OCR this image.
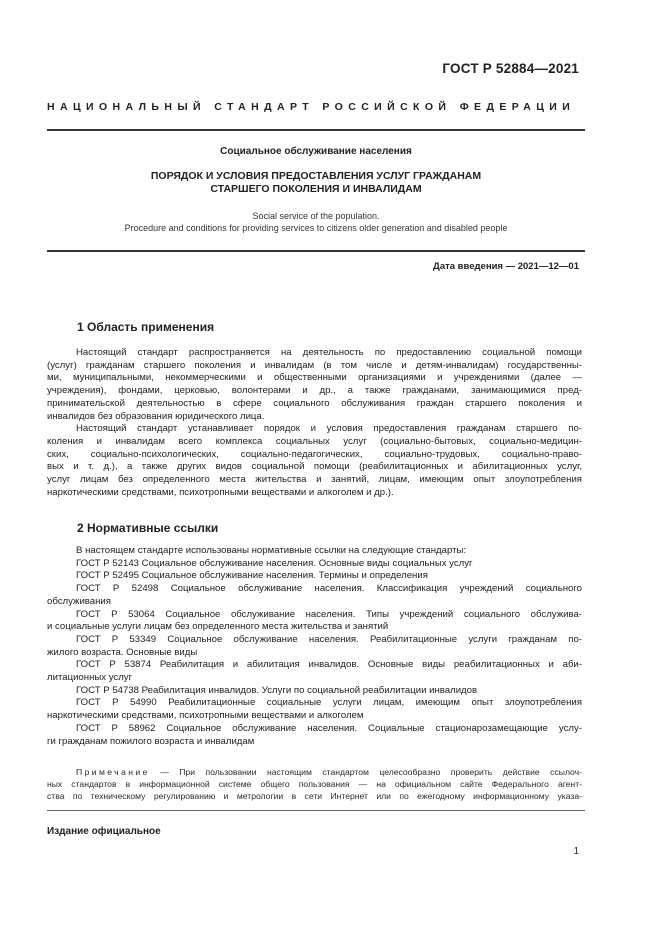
ГОСТ Р 52884—2021
НАЦИОНАЛЬНЫЙ СТАНДАРТ РОССИЙСКОЙ ФЕДЕРАЦИИ
Социальное обслуживание населения
ПОРЯДОК И УСЛОВИЯ ПРЕДОСТАВЛЕНИЯ УСЛУГ ГРАЖДАНАМ
СТАРШЕГО ПОКОЛЕНИЯ И ИНВАЛИДАМ
Social service of the population.
Procedure and conditions for providing services to citizens older generation and disabled people
Дата введения — 2021—12—01
1 Область применения
Настоящий стандарт распространяется на деятельность по предоставлению социальной помощи
(услуг) гражданам старшего поколения и инвалидам (в том числе и детям-инвалидам) государственны-
ми, муниципальными, некоммерческими и общественными организациями и учреждениями (далее —
учреждения), фондами, церковью, волонтерами и др., а также гражданами, занимающимися пред-
принимательской деятельностью в сфере социального обслуживания граждан старшего поколения и
инвалидов без образования юридического лица.
Настоящий стандарт устанавливает порядок и условия предоставления гражданам старшего по-
коления и инвалидам всего комплекса социальных услуг (социально-бытовых, социально-медицин-
ских, социально-психологических, социально-педагогических, социально-трудовых, социально-право-
вых и т. д.), а также других видов социальной помощи (реабилитационных и абилитационных услуг,
услуг лицам без определенного места жительства и занятий, лицам, имеющим опыт злоупотребления
наркотическими средствами, психотропными веществами и алкоголем и др.).
2 Нормативные ссылки
В настоящем стандарте использованы нормативные ссылки на следующие стандарты:
ГОСТ Р 52143 Социальное обслуживание населения. Основные виды социальных услуг
ГОСТ Р 52495 Социальное обслуживание населения. Термины и определения
ГОСТ Р 52498 Социальное обслуживание населения. Классификация учреждений социального
обслуживания
ГОСТ Р 53064 Социальное обслуживание населения. Типы учреждений социального обслужива-
и социальные услуги лицам без определенного места жительства и занятий
ГОСТ Р 53349 Социальное обслуживание населения. Реабилитационные услуги гражданам по-
жилого возраста. Основные виды
ГОСТ Р 53874 Реабилитация и абилитация инвалидов. Основные виды реабилитационных и аби-
литационных услуг
ГОСТ Р 54738 Реабилитация инвалидов. Услуги по социальной реабилитации инвалидов
ГОСТ Р 54990 Реабилитационные социальные услуги лицам, имеющим опыт злоупотребления
наркотическими средствами, психотропными веществами и алкоголем
ГОСТ Р 58962 Социальное обслуживание населения. Социальные стационарозамещающие услу-
ги гражданам пожилого возраста и инвалидам
Примечание — При пользовании настоящим стандартом целесообразно проверить действие ссылоч-
ных стандартов в информационной системе общего пользования — на официальном сайте Федерального агент-
ства по техническому регулированию и метрологии в сети Интернет или по ежегодному информационному указа-
Издание официальное
1
